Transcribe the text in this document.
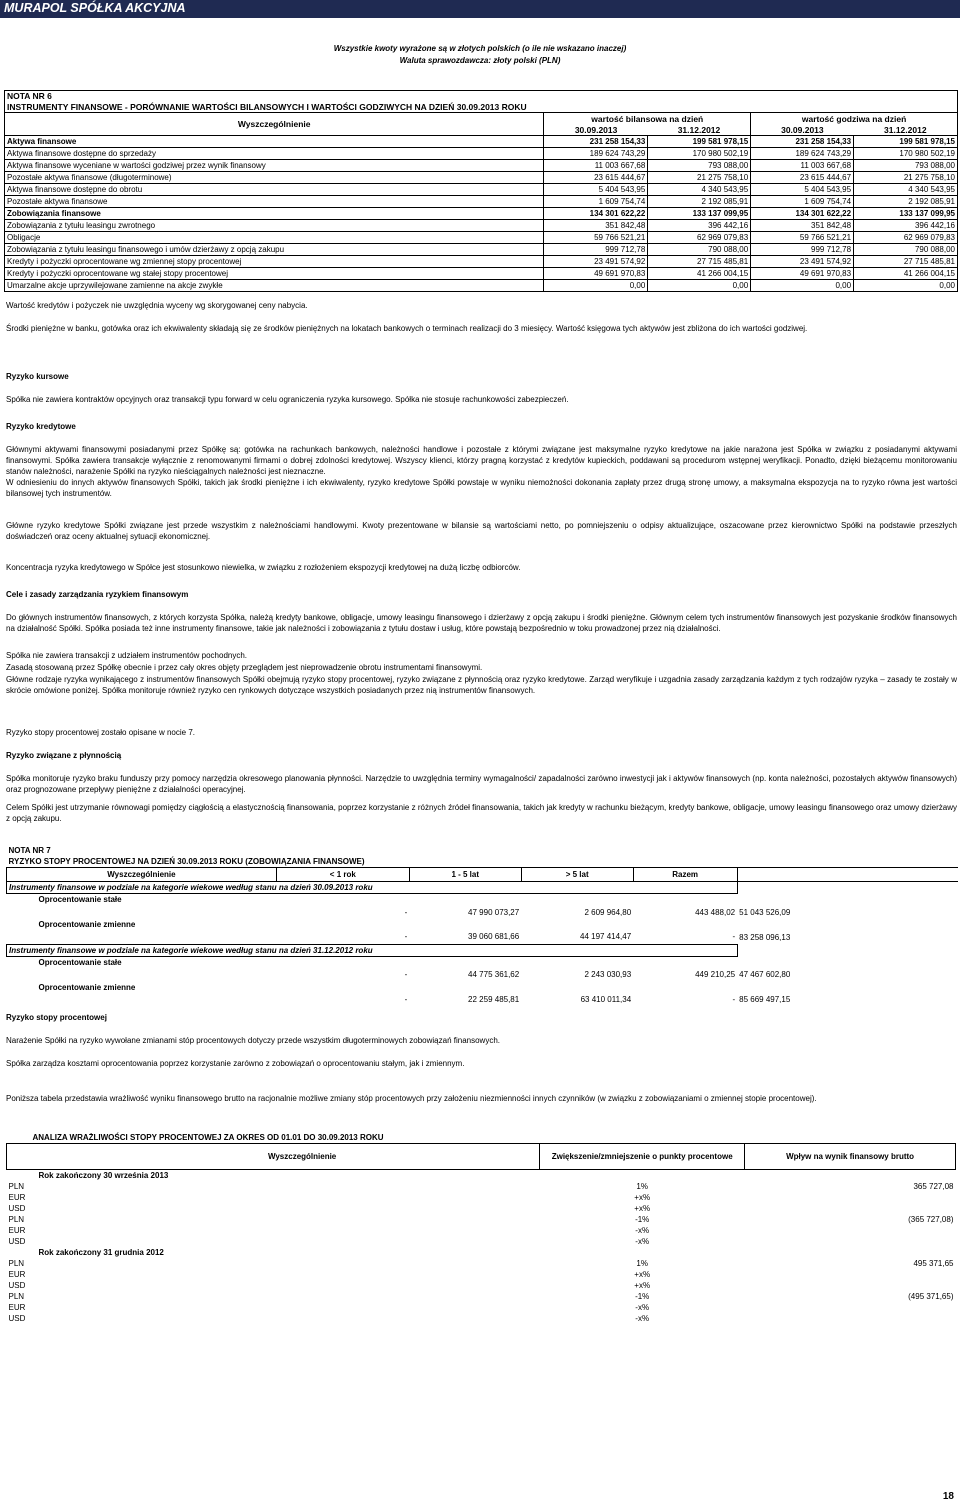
MURAPOL SPÓŁKA AKCYJNA
Wszystkie kwoty wyrażone są w złotych polskich (o ile nie wskazano inaczej)
Waluta sprawozdawcza: złoty polski (PLN)
NOTA NR 6				
INSTRUMENTY FINANSOWE - PORÓWNANIE WARTOŚCI BILANSOWYCH I WARTOŚCI GODZIWYCH NA DZIEŃ 30.09.2013 ROKU				
Wyszczególnienie	wartość bilansowa na dzień		wartość godziwa na dzień	
	30.09.2013	31.12.2012	30.09.2013	31.12.2012
Aktywa finansowe	231 258 154,33	199 581 978,15	231 258 154,33	199 581 978,15
Aktywa finansowe dostępne do sprzedaży	189 624 743,29	170 980 502,19	189 624 743,29	170 980 502,19
Aktywa finansowe wyceniane w wartości godziwej przez wynik finansowy	11 003 667,68	793 088,00	11 003 667,68	793 088,00
Pozostałe aktywa finansowe (długoterminowe)	23 615 444,67	21 275 758,10	23 615 444,67	21 275 758,10
Aktywa finansowe dostępne do obrotu	5 404 543,95	4 340 543,95	5 404 543,95	4 340 543,95
Pozostałe aktywa finansowe	1 609 754,74	2 192 085,91	1 609 754,74	2 192 085,91
Zobowiązania finansowe	134 301 622,22	133 137 099,95	134 301 622,22	133 137 099,95
Zobowiązania z tytułu leasingu zwrotnego	351 842,48	396 442,16	351 842,48	396 442,16
Obligacje	59 766 521,21	62 969 079,83	59 766 521,21	62 969 079,83
Zobowiązania z tytułu leasingu finansowego i umów dzierżawy z opcją zakupu	999 712,78	790 088,00	999 712,78	790 088,00
Kredyty i pożyczki oprocentowane wg zmiennej stopy procentowej	23 491 574,92	27 715 485,81	23 491 574,92	27 715 485,81
Kredyty i pożyczki oprocentowane wg stałej stopy procentowej	49 691 970,83	41 266 004,15	49 691 970,83	41 266 004,15
Umarzalne akcje uprzywilejowane zamienne na akcje zwykłe	0,00	0,00	0,00	0,00
Wartość kredytów i pożyczek nie uwzględnia wyceny wg skorygowanej ceny nabycia.
Środki pieniężne w banku, gotówka oraz ich ekwiwalenty składają się ze środków pieniężnych na lokatach bankowych o terminach realizacji do 3 miesięcy. Wartość księgowa tych aktywów jest zbliżona do ich wartości godziwej.
Ryzyko kursowe
Spółka nie zawiera kontraktów opcyjnych oraz transakcji typu forward w celu ograniczenia ryzyka kursowego. Spółka nie stosuje rachunkowości zabezpieczeń.
Ryzyko kredytowe
Głównymi aktywami finansowymi posiadanymi przez Spółkę są: gotówka na rachunkach bankowych, należności handlowe i pozostałe z którymi związane jest maksymalne ryzyko kredytowe na jakie narażona jest Spółka w związku z posiadanymi aktywami finansowymi. Spółka zawiera transakcje wyłącznie z renomowanymi firmami o dobrej zdolności kredytowej. Wszyscy klienci, którzy pragną korzystać z kredytów kupieckich, poddawani są procedurom wstępnej weryfikacji. Ponadto, dzięki bieżącemu monitorowaniu stanów należności, narażenie Spółki na ryzyko nieściągalnych należności jest nieznaczne.
W odniesieniu do innych aktywów finansowych Spółki, takich jak środki pieniężne i ich ekwiwalenty, ryzyko kredytowe Spółki powstaje w wyniku niemożności dokonania zapłaty przez drugą stronę umowy, a maksymalna ekspozycja na to ryzyko równa jest wartości bilansowej tych instrumentów.
Główne ryzyko kredytowe Spółki związane jest przede wszystkim z należnościami handlowymi. Kwoty prezentowane w bilansie są wartościami netto, po pomniejszeniu o odpisy aktualizujące, oszacowane przez kierownictwo Spółki na podstawie przeszłych doświadczeń oraz oceny aktualnej sytuacji ekonomicznej.
Koncentracja ryzyka kredytowego w Spółce jest stosunkowo niewielka, w związku z rozłożeniem ekspozycji kredytowej na dużą liczbę odbiorców.
Cele i zasady zarządzania ryzykiem finansowym
Do głównych instrumentów finansowych, z których korzysta Spółka, należą kredyty bankowe, obligacje, umowy leasingu finansowego i dzierżawy z opcją zakupu i środki pieniężne. Głównym celem tych instrumentów finansowych jest pozyskanie środków finansowych na działalność Spółki. Spółka posiada też inne instrumenty finansowe, takie jak należności i zobowiązania z tytułu dostaw i usług, które powstają bezpośrednio w toku prowadzonej przez nią działalności.
Spółka nie zawiera transakcji z udziałem instrumentów pochodnych.
Zasadą stosowaną przez Spółkę obecnie i przez cały okres objęty przeglądem jest nieprowadzenie obrotu instrumentami finansowymi.
Główne rodzaje ryzyka wynikającego z instrumentów finansowych Spółki obejmują ryzyko stopy procentowej, ryzyko związane z płynnością oraz ryzyko kredytowe. Zarząd weryfikuje i uzgadnia zasady zarządzania każdym z tych rodzajów ryzyka – zasady te zostały w skrócie omówione poniżej. Spółka monitoruje również ryzyko cen rynkowych dotyczące wszystkich posiadanych przez nią instrumentów finansowych.
Ryzyko stopy procentowej zostało opisane w nocie 7.
Ryzyko związane z płynnością
Spółka monitoruje ryzyko braku funduszy przy pomocy narzędzia okresowego planowania płynności. Narzędzie to uwzględnia terminy wymagalności/ zapadalności zarówno inwestycji jak i aktywów finansowych (np. konta należności, pozostałych aktywów finansowych) oraz prognozowane przepływy pieniężne z działalności operacyjnej.
Celem Spółki jest utrzymanie równowagi pomiędzy ciągłością a elastycznością finansowania, poprzez korzystanie z różnych źródeł finansowania, takich jak kredyty w rachunku bieżącym, kredyty bankowe, obligacje, umowy leasingu finansowego oraz umowy dzierżawy z opcją zakupu.
NOTA NR 7						
RYZYKO STOPY PROCENTOWEJ NA DZIEŃ 30.09.2013 ROKU (ZOBOWIĄZANIA FINANSOWE)						
Wyszczególnienie		< 1 rok	1 - 5 lat	> 5 lat	Razem	
Instrumenty finansowe w podziale na kategorie wiekowe według stanu na dzień 30.09.2013 roku						
	Oprocentowanie stałe					
		-	47 990 073,27	2 609 964,80	443 488,02	51 043 526,09
	Oprocentowanie zmienne					
		-	39 060 681,66	44 197 414,47	-	83 258 096,13
Instrumenty finansowe w podziale na kategorie wiekowe według stanu na dzień 31.12.2012 roku						
	Oprocentowanie stałe					
		-	44 775 361,62	2 243 030,93	449 210,25	47 467 602,80
	Oprocentowanie zmienne					
		-	22 259 485,81	63 410 011,34	-	85 669 497,15
Ryzyko stopy procentowej
Narażenie Spółki na ryzyko wywołane zmianami stóp procentowych dotyczy przede wszystkim długoterminowych zobowiązań finansowych.
Spółka zarządza kosztami oprocentowania poprzez korzystanie zarówno z zobowiązań o oprocentowaniu stałym, jak i zmiennym.
Poniższa tabela przedstawia wrażliwość wyniku finansowego brutto na racjonalnie możliwe zmiany stóp procentowych przy założeniu niezmienności innych czynników (w związku z zobowiązaniami o zmiennej stopie procentowej).
ANALIZA WRAŻLIWOŚCI STOPY PROCENTOWEJ ZA OKRES OD 01.01 DO 30.09.2013 ROKU		
Wyszczególnienie	Zwiększenie/zmniejszenie o punkty procentowe	Wpływ na wynik finansowy brutto
Rok zakończony 30 września 2013		
PLN	1%	365 727,08
EUR	+x%	
USD	+x%	
PLN	-1%	(365 727,08)
EUR	-x%	
USD	-x%	
Rok zakończony 31 grudnia 2012		
PLN	1%	495 371,65
EUR	+x%	
USD	+x%	
PLN	-1%	(495 371,65)
EUR	-x%	
USD	-x%	
18
